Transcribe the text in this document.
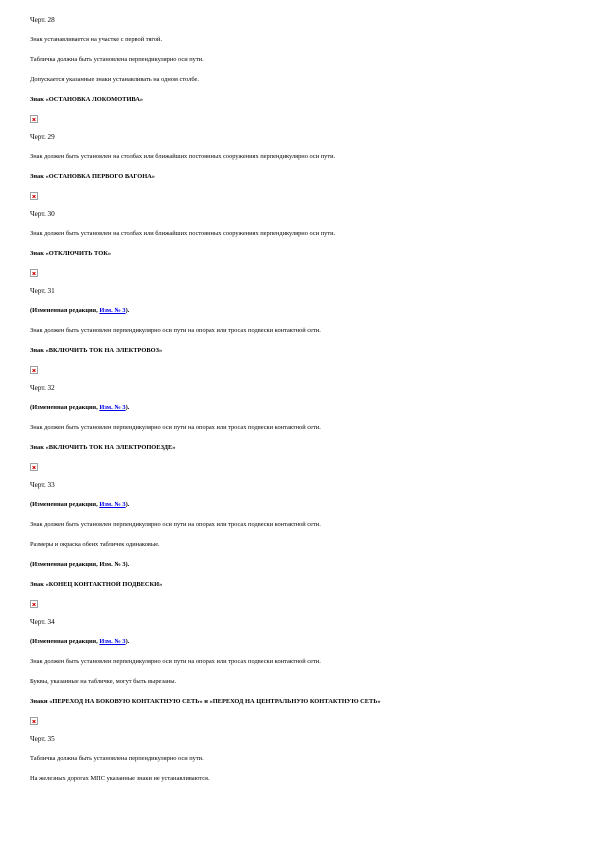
Черт. 28
Знак устанавливается на участке с первой тягой.
Табличка должна быть установлена перпендикулярно оси пути.
Допускается указанные знаки устанавливать на одном столбе.
Знак «ОСТАНОВКА ЛОКОМОТИВА»
Черт. 29
Знак должен быть установлен на столбах или ближайших постоянных сооружениях перпендикулярно оси пути.
Знак «ОСТАНОВКА ПЕРВОГО ВАГОНА»
Черт. 30
Знак должен быть установлен на столбах или ближайших постоянных сооружениях перпендикулярно оси пути.
Знак «ОТКЛЮЧИТЬ ТОК»
Черт. 31
(Измененная редакция, Изм. № 3).
Знак должен быть установлен перпендикулярно оси пути на опорах или тросах подвески контактной сети.
Знак «ВКЛЮЧИТЬ ТОК НА ЭЛЕКТРОВОЗ»
Черт. 32
(Измененная редакция, Изм. № 3).
Знак должен быть установлен перпендикулярно оси пути на опорах или тросах подвески контактной сети.
Знак «ВКЛЮЧИТЬ ТОК НА ЭЛЕКТРОПОЕЗДЕ»
Черт. 33
(Измененная редакция, Изм. № 3).
Знак должен быть установлен перпендикулярно оси пути на опорах или тросах подвески контактной сети.
Размеры и окраска обеих табличек одинаковые.
(Измененная редакция, Изм. № 3).
Знак «КОНЕЦ КОНТАКТНОЙ ПОДВЕСКИ»
Черт. 34
(Измененная редакция, Изм. № 3).
Знак должен быть установлен перпендикулярно оси пути на опорах или тросах подвески контактной сети.
Буквы, указанные на табличке, могут быть вырезаны.
Знаки «ПЕРЕХОД НА БОКОВУЮ КОНТАКТНУЮ СЕТЬ» и «ПЕРЕХОД НА ЦЕНТРАЛЬНУЮ КОНТАКТНУЮ СЕТЬ»
Черт. 35
Табличка должна быть установлена перпендикулярно оси пути.
На железных дорогах МПС указанные знаки не устанавливаются.
